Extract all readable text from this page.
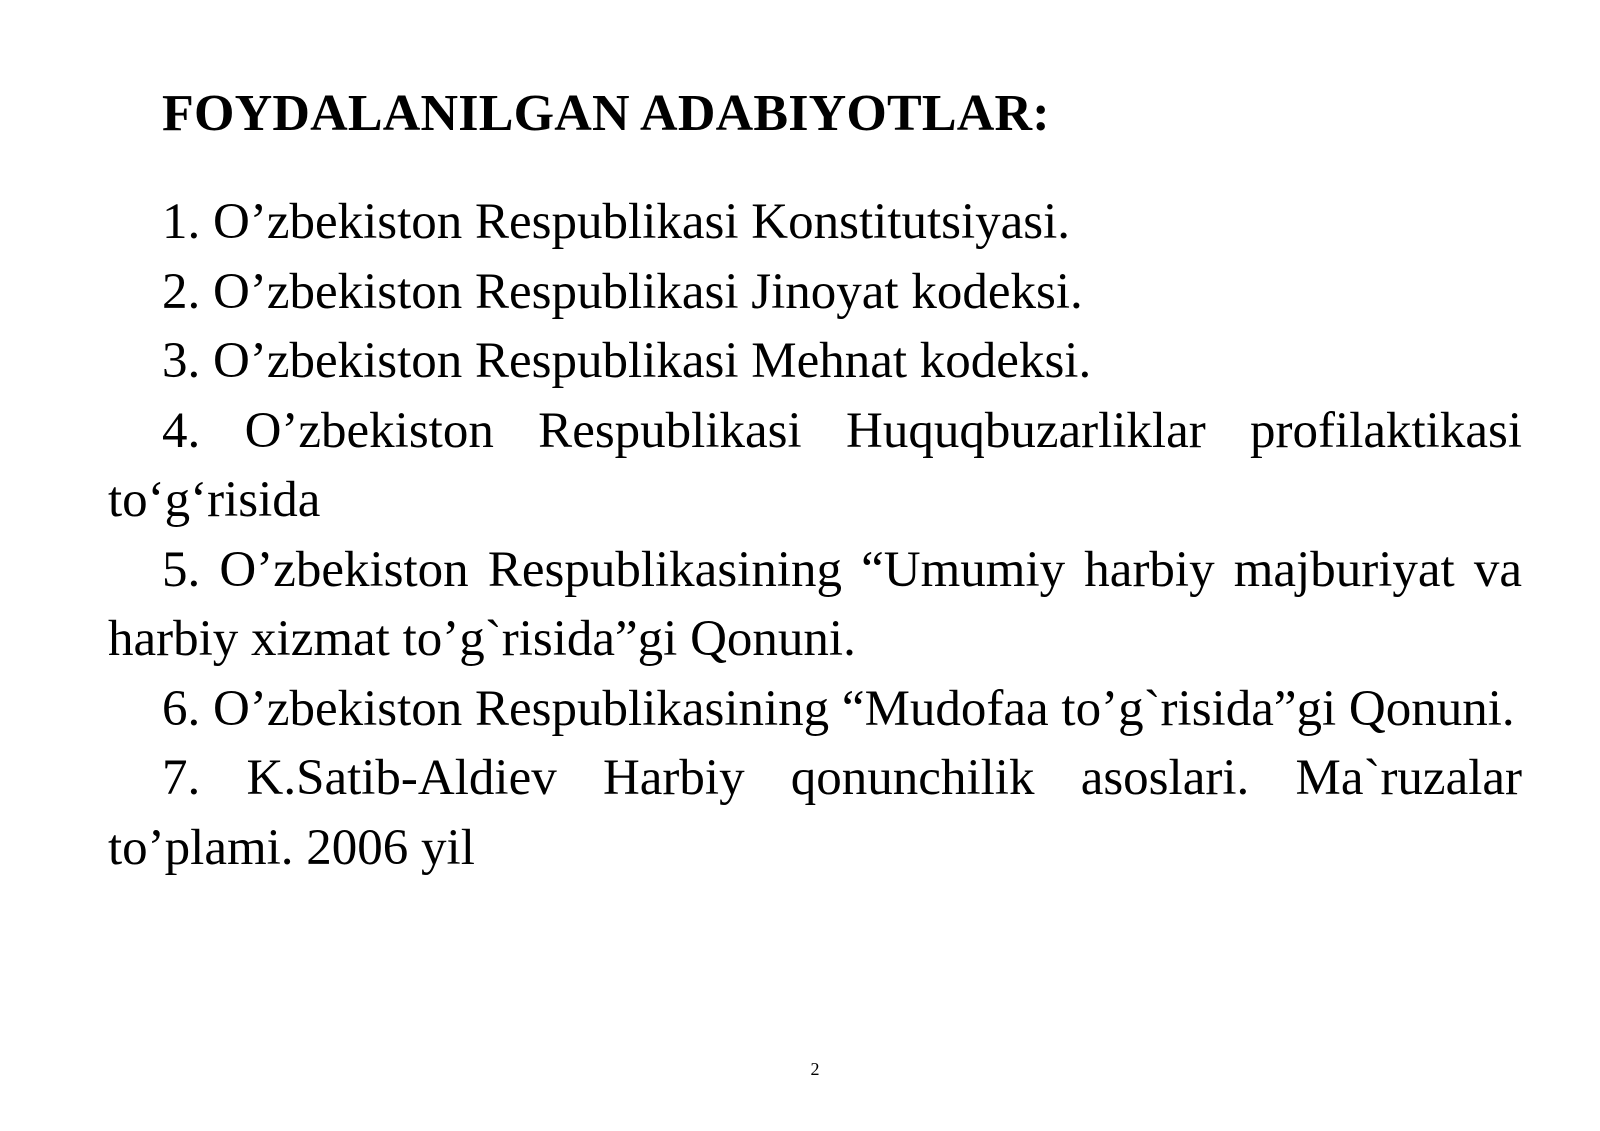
FOYDALANILGAN ADABIYOTLAR:
1. O’zbekiston Respublikasi Konstitutsiyasi.
2. O’zbekiston Respublikasi Jinoyat kodeksi.
3. O’zbekiston Respublikasi Mehnat kodeksi.
4. O’zbekiston Respublikasi Huquqbuzarliklar profilaktikasi to‘g‘risida
5. O’zbekiston Respublikasining “Umumiy harbiy majburiyat va harbiy xizmat to’g`risida”gi Qonuni.
6. O’zbekiston Respublikasining “Mudofaa to’g`risida”gi Qonuni.
7. K.Satib-Aldiev Harbiy qonunchilik asoslari. Ma`ruzalar to’plami. 2006 yil
2
